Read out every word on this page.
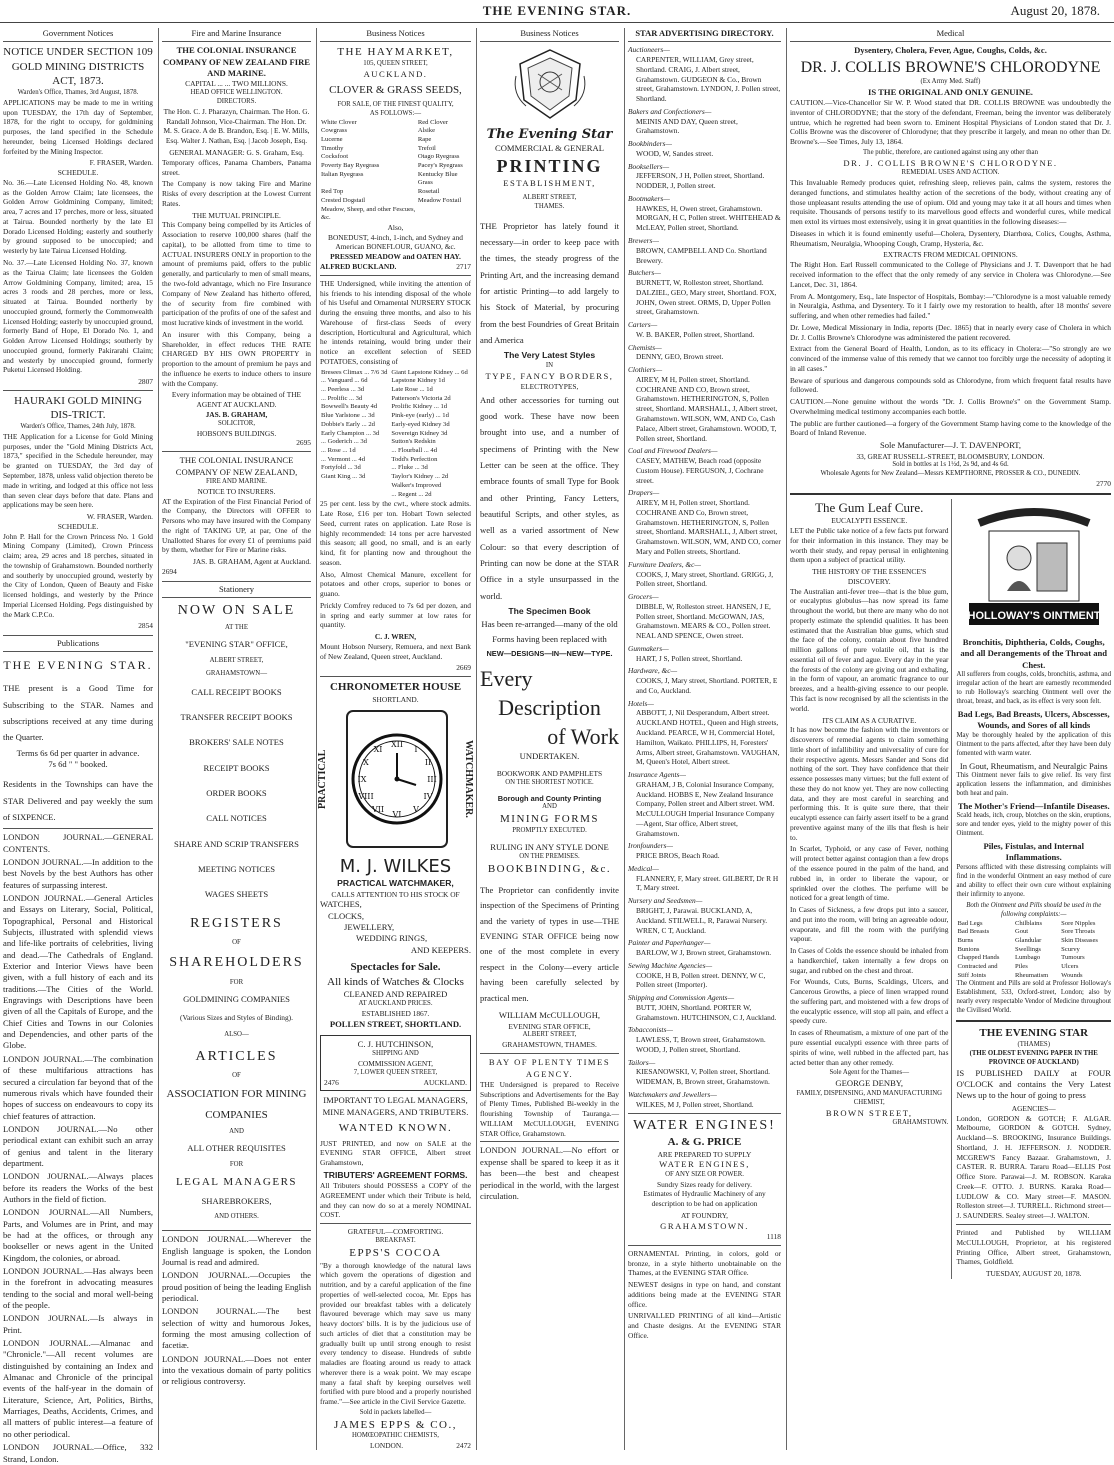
THE EVENING STAR.	August 20, 1878.
Government Notices
NOTICE UNDER SECTION 109 GOLD MINING DISTRICTS ACT, 1873.
Warden's Office, Thames, 3rd August, 1878.

APPLICATIONS may be made to me in writing upon TUESDAY, the 17th day of September, 1878, for the right to occupy, for goldmining purposes, the land specified in the Schedule hereunder, being Licensed Holdings declared forfeited by the Mining Inspector.

F. FRASER, Warden.
SCHEDULE.

No. 36.—Late Licensed Holding No. 48, known as the Golden Arrow Claim; late licensees, the Golden Arrow Goldmining Company, limited; area, 7 acres and 17 perches, more or less, situated at Tairua. Bounded northerly by the late El Dorado Licensed Holding; easterly and southerly by ground supposed to be unoccupied; and westerly by late Tairua Licensed Holding.

No. 37.—Late Licensed Holding No. 37, known as the Tairua Claim; late licensees the Golden Arrow Goldmining Company, limited; area, 15 acres 3 roods and 28 perches, more or less, situated at Tairua. Bounded northerly by unoccupied ground, formerly the Commonwealth Licensed Holding; easterly by unoccupied ground, formerly Band of Hope, El Dorado No. 1, and Golden Arrow Licensed Holdings; southerly by unoccupied ground, formerly Pakirarahi Claim; and westerly by unoccupied ground, formerly Puketui Licensed Holding.

2807
HAURAKI GOLD MINING DIS-TRICT.
Warden's Office, Thames, 24th July, 1878.

THE Application for a License for Gold Mining purposes, under the "Gold Mining Districts Act, 1873," specified in the Schedule hereunder, may be granted on TUESDAY, the 3rd day of September, 1878, unless valid objection thereto be made in writing, and lodged at this office not less than seven clear days before that date. Plans and applications may be seen here.

W. FRASER, Warden.
SCHEDULE.

John P. Hall for the Crown Princess No. 1 Gold Mining Company (Limited), Crown Princess claim; area, 29 acres and 18 perches, situated in the township of Grahamstown. Bounded northerly and southerly by unoccupied ground, westerly by the City of London, Queen of Beauty and Fiske licensed holdings, and westerly by the Prince Imperial Licensed Holding. Pegs distinguished by the Mark C.P.Co.

2854
Publications
THE EVENING STAR.

THE present is a Good Time for Subscribing to the STAR. Names and subscriptions received at any time during the Quarter.

Terms 6s 6d per quarter in advance.
7s 6d " " booked.

Residents in the Townships can have the STAR Delivered and pay weekly the sum of SIXPENCE.

LONDON JOURNAL.—GENERAL CONTENTS.

LONDON JOURNAL.—In addition to the best Novels by the best Authors has other features of surpassing interest.

LONDON JOURNAL.—General Articles and Essays on Literary, Social, Political, Topographical, Personal and Historical Subjects, illustrated with splendid views and life-like portraits of celebrities, living and dead.—The Cathedrals of England. Exterior and Interior Views have been given, with a full history of each and its traditions.—The Cities of the World. Engravings with Descriptions have been given of all the Capitals of Europe, and the Chief Cities and Towns in our Colonies and Dependencies, and other parts of the Globe.

LONDON JOURNAL.—The combination of these multifarious attractions has secured a circulation far beyond that of the numerous rivals which have founded their hopes of success on endeavours to copy its chief features of attraction.

LONDON JOURNAL.—No other periodical extant can exhibit such an array of genius and talent in the literary department.

LONDON JOURNAL.—Always places before its readers the Works of the best Authors in the field of fiction.

LONDON JOURNAL.—All Numbers, Parts, and Volumes are in Print, and may be had at the offices, or through any bookseller or news agent in the United Kingdom, the colonies, or abroad.

LONDON JOURNAL.—Has always been in the forefront in advocating measures tending to the social and moral well-being of the people.

LONDON JOURNAL.—Is always in Print.

LONDON JOURNAL.—Almanac and "Chronicle."—All recent volumes are distinguished by containing an Index and Almanac and Chronicle of the principal events of the half-year in the domain of Literature, Science, Art, Politics, Births, Marriages, Deaths, Accidents, Crimes, and all matters of public interest—a feature of no other periodical.

LONDON JOURNAL.—Office, 332 Strand, London.

Fire and Marine Insurance
THE COLONIAL INSURANCE COMPANY OF NEW ZEALAND FIRE AND MARINE.
CAPITAL ... ... TWO MILLIONS.
HEAD OFFICE WELLINGTON.
DIRECTORS.

The Hon. C. J. Pharazyn, Chairman. The Hon. G. Randall Johnson, Vice-Chairman. The Hon. Dr. M. S. Grace. A de B. Brandon, Esq. | E. W. Mills, Esq. Walter J. Nathan, Esq. | Jacob Joseph, Esq.

GENERAL MANAGER: G. S. Graham, Esq.

Temporary offices, Panama Chambers, Panama street.

The Company is now taking Fire and Marine Risks of every description at the Lowest Current Rates.

THE MUTUAL PRINCIPLE.

This Company being compelled by its Articles of Association to reserve 100,000 shares (half the capital), to be allotted from time to time to ACTUAL INSURERS ONLY in proportion to the amount of premiums paid, offers to the public generally, and particularly to men of small means, the two-fold advantage, which no Fire Insurance Company of New Zealand has hitherto offered, the of security from fire combined with participation of the profits of one of the safest and most lucrative kinds of investment in the world.

An insurer with this Company, being a Shareholder, in effect reduces THE RATE CHARGED BY HIS OWN PROPERTY in proportion to the amount of premium he pays and the influence he exerts to induce others to insure with the Company.

Every information may be obtained of THE AGENT AT AUCKLAND.
JAS. B. GRAHAM,
SOLICITOR,
HOBSON'S BUILDINGS.
2695
THE COLONIAL INSURANCE COMPANY OF NEW ZEALAND,
FIRE AND MARINE.
NOTICE TO INSURERS.

AT the Expiration of the First Financial Period of the Company, the Directors will OFFER to Persons who may have insured with the Company the right of TAKING UP, at par, One of the Unallotted Shares for every £1 of premiums paid by them, whether for Fire or Marine risks.

JAS. B. GRAHAM, Agent at Auckland.
2694
Stationery
NOW ON SALE
AT THE
"EVENING STAR" OFFICE,
ALBERT STREET,
GRAHAMSTOWN—
CALL RECEIPT BOOKS
TRANSFER RECEIPT BOOKS
BROKERS' SALE NOTES
RECEIPT BOOKS
ORDER BOOKS
CALL NOTICES
SHARE AND SCRIP TRANSFERS
MEETING NOTICES
WAGES SHEETS
REGISTERS
OF
SHAREHOLDERS
FOR
GOLDMINING COMPANIES
(Various Sizes and Styles of Binding).
ALSO—
ARTICLES
OF
ASSOCIATION FOR MINING
COMPANIES
AND
ALL OTHER REQUISITES
FOR
LEGAL MANAGERS
SHAREBROKERS,
AND OTHERS.

LONDON JOURNAL.—Wherever the English language is spoken, the London Journal is read and admired.

LONDON JOURNAL.—Occupies the proud position of being the leading English periodical.

LONDON JOURNAL.—The best selection of witty and humorous Jokes, forming the most amusing collection of facetiæ.

LONDON JOURNAL.—Does not enter into the vexatious domain of party politics or religious controversy.

Business Notices
THE HAYMARKET,
105, QUEEN STREET,
AUCKLAND.
CLOVER & GRASS SEEDS,
FOR SALE, OF THE FINEST QUALITY,
AS FOLLOWS:—
White Clover	Red Clover
Cowgrass	Alsike
Lucerne	Rape
Timothy	Trefoil
Cocksfoot	Otago Ryegrass
Poverty Bay Ryegrass	Pacey's Ryegrass
Italian Ryegrass	Kentucky Blue Grass
Red Top	Rosetail
Crested Dogstail	Meadow Foxtail
Meadow, Sheep, and other Fescues, &c.	
Also,
BONEDUST, 4-inch, 1-inch, and Sydney and American BONEFLOUR, GUANO, &c.
PRESSED MEADOW and OATEN HAY.
ALFRED BUCKLAND.	2717

THE Undersigned, while inviting the attention of his friends to his intending disposal of the whole of his Useful and Ornamental NURSERY STOCK during the ensuing three months, and also to his Warehouse of first-class Seeds of every description, Horticultural and Agricultural, which he intends retaining, would bring under their notice an excellent selection of SEED POTATOES, consisting of

Bresees Climax ... 7/6 3d	Giant Lapstone Kidney ... 6d
... Vanguard ... 6d	Lapstone Kidney 1d
... Peerless ... 3d	Late Rose ... 1d
... Prolific ... 3d	Patterson's Victoria 2d
Bowwell's Beauty 4d	Prolific Kidney ... 1d
Blue Yarlstone ... 3d	Pink-eye (early) ... 1d
Dobbie's Early ... 2d	Early-eyed Kidney 3d
Early Champion ... 3d	Sovereign Kidney 3d
... Goderich ... 3d	Sutton's Redskin
... Rose ... 1d	... Flourball ... 4d
... Vermont ... 4d	Todd's Perfection
Fortyfold ... 3d	... Fluke ... 3d
Giant King ... 3d	Taylor's Kidney ... 2d
	Walker's Improved
	... Regent ... 2d

25 per cent. less by the cwt., where stock admits. Late Rose, £16 per ton. Hobart Town selected Seed, current rates on application. Late Rose is highly recommended: 14 tons per acre harvested this season; all good, no small, and is an early kind, fit for planting now and throughout the season.

Also, Almost Chemical Manure, excellent for potatoes and other crops, superior to bones or guano.

Prickly Comfrey reduced to 7s 6d per dozen, and in spring and early summer at low rates for quantity.

C. J. WREN,

Mount Hobson Nursery, Remuera, and next Bank of New Zealand, Queen street, Auckland.

2669
CHRONOMETER HOUSE
SHORTLAND.
PRACTICAL	WATCHMAKER.
XII
I
II
III
IV
V
VI
VII
VIII
IX
X
XI
M. J. WILKES
PRACTICAL WATCHMAKER,
CALLS ATTENTION TO HIS STOCK OF
WATCHES,
CLOCKS,
JEWELLERY,
WEDDING RINGS,
AND KEEPERS.
Spectacles for Sale.
All kinds of Watches & Clocks
CLEANED AND REPAIRED
AT AUCKLAND PRICES.
ESTABLISHED 1867.
POLLEN STREET, SHORTLAND.
C. J. HUTCHINSON,
SHIPPING AND
COMMISSION AGENT,
7, LOWER QUEEN STREET,
2476	AUCKLAND.
IMPORTANT TO LEGAL MANAGERS, MINE MANAGERS, AND TRIBUTERS.
WANTED KNOWN.

JUST PRINTED, and now on SALE at the EVENING STAR OFFICE, Albert street Grahamstown,

TRIBUTERS' AGREEMENT FORMS.

All Tributers should POSSESS a COPY of the AGREEMENT under which their Tribute is held, and they can now do so at a merely NOMINAL COST.

GRATEFUL—COMFORTING.
BREAKFAST.
EPPS'S COCOA

"By a thorough knowledge of the natural laws which govern the operations of digestion and nutrition, and by a careful application of the fine properties of well-selected cocoa, Mr. Epps has provided our breakfast tables with a delicately flavoured beverage which may save us many heavy doctors' bills. It is by the judicious use of such articles of diet that a constitution may be gradually built up until strong enough to resist every tendency to disease. Hundreds of subtle maladies are floating around us ready to attack wherever there is a weak point. We may escape many a fatal shaft by keeping ourselves well fortified with pure blood and a properly nourished frame."—See article in the Civil Service Gazette.

Sold in packets labelled—
JAMES EPPS & CO.,
HOMŒOPATHIC CHEMISTS,
LONDON.	2472
Business Notices
The Evening Star
COMMERCIAL & GENERAL
PRINTING
ESTABLISHMENT,
ALBERT STREET,
THAMES.

THE Proprietor has lately found it necessary—in order to keep pace with the times, the steady progress of the Printing Art, and the increasing demand for artistic Printing—to add largely to his Stock of Material, by procuring from the best Foundries of Great Britain and America

The Very Latest Styles
IN
TYPE, FANCY BORDERS,
ELECTROTYPES,

And other accessories for turning out good work. These have now been brought into use, and a number of specimens of Printing with the New Letter can be seen at the office. They embrace founts of small Type for Book and other Printing, Fancy Letters, beautiful Scripts, and other styles, as well as a varied assortment of New Colour: so that every description of Printing can now be done at the STAR Office in a style unsurpassed in the world.

The Specimen Book

Has been re-arranged—many of the old Forms having been replaced with

NEW—DESIGNS—IN—NEW—TYPE.
Every
Description
of Work
UNDERTAKEN.
BOOKWORK AND PAMPHLETS
ON THE SHORTEST NOTICE.
Borough and County Printing
AND
MINING FORMS
PROMPTLY EXECUTED.
RULING IN ANY STYLE DONE
ON THE PREMISES.
BOOKBINDING, &c.

The Proprietor can confidently invite inspection of the Specimens of Printing and the variety of types in use—THE EVENING STAR OFFICE being now one of the most complete in every respect in the Colony—every article having been carefully selected by practical men.

WILLIAM McCULLOUGH,
EVENING STAR OFFICE,
ALBERT STREET,
GRAHAMSTOWN, THAMES.
BAY OF PLENTY TIMES AGENCY.

THE Undersigned is prepared to Receive Subscriptions and Advertisements for the Bay of Plenty Times, Published Bi-weekly in the flourishing Township of Tauranga.—WILLIAM McCULLOUGH, EVENING STAR Office, Grahamstown.

LONDON JOURNAL.—No effort or expense shall be spared to keep it as it has been—the best and cheapest periodical in the world, with the largest circulation.

STAR ADVERTISING DIRECTORY.
Auctioneers—
CARPENTER, WILLIAM, Grey street, Shortland. CRAIG, J. Albert street, Grahamstown. GUDGEON & Co., Brown street, Grahamstown. LYNDON, J. Pollen street, Shortland.
Bakers and Confectioners—
MEINIS AND DAY, Queen street, Grahamstown.
Bookbinders—
WOOD, W, Sandes street.
Booksellers—
JEFFERSON, J H, Pollen street, Shortland. NODDER, J, Pollen street.
Bootmakers—
HAWKES, H, Owen street, Grahamstown. MORGAN, H C, Pollen street. WHITEHEAD & McLEAY, Pollen street, Shortland.
Brewers—
BROWN, CAMPBELL AND Co. Shortland Brewery.
Butchers—
BURNETT, W, Rolleston street, Shortland. DALZIEL, GEO, Mary street, Shortland. FOX, JOHN, Owen street. ORMS, D, Upper Pollen street, Grahamstown.
Carters—
W. B. BAKER, Pollen street, Shortland.
Chemists—
DENNY, GEO, Brown street.
Clothiers—
AIREY, M H, Pollen street, Shortland. COCHRANE AND CO, Brown street, Grahamstown. HETHERINGTON, S, Pollen street, Shortland. MARSHALL, J, Albert street, Grahamstown. WILSON, WM, AND Co, Cash Palace, Albert street, Grahamstown. WOOD, T, Pollen street, Shortland.
Coal and Firewood Dealers—
CASEY, MATHEW, Beach road (opposite Custom House). FERGUSON, J, Cochrane street.
Drapers—
AIREY, M H, Pollen street, Shortland. COCHRANE AND Co, Brown street, Grahamstown. HETHERINGTON, S, Pollen street, Shortland. MARSHALL, J, Albert street, Grahamstown. WILSON, WM, AND CO, corner Mary and Pollen streets, Shortland.
Furniture Dealers, &c—
COOKS, J, Mary street, Shortland. GRIGG, J, Pollen street, Shortland.
Grocers—
DIBBLE, W, Rolleston street. HANSEN, J E, Pollen street, Shortland. McGOWAN, JAS, Grahamstown. MEARS & CO., Pollen street. NEAL AND SPENCE, Owen street.
Gunmakers—
HART, J S, Pollen street, Shortland.
Hardware, &c—
COOKS, J, Mary street, Shortland. PORTER, E and Co, Auckland.
Hotels—
ABBOTT, J, Nil Desperandum, Albert street. AUCKLAND HOTEL, Queen and High streets, Auckland. PEARCE, W H, Commercial Hotel, Hamilton, Waikato. PHILLIPS, H, Foresters' Arms, Albert street, Grahamstown. VAUGHAN, M, Queen's Hotel, Albert street.
Insurance Agents—
GRAHAM, J B, Colonial Insurance Company, Auckland. HOBBS E, New Zealand Insurance Company, Pollen street and Albert street. WM. McCULLOUGH Imperial Insurance Company—Agent, Star office, Albert street, Grahamstown.
Ironfounders—
PRICE BROS, Beach Road.
Medical—
FLANNERY, F, Mary street. GILBERT, Dr R H T, Mary street.
Nursery and Seedsmen—
BRIGHT, J, Parawai. BUCKLAND, A, Auckland. STILWELL, R, Parawai Nursery. WREN, C T, Auckland.
Painter and Paperhanger—
BARLOW, W J, Brown street, Grahamstown.
Sewing Machine Agencies—
COOKE, H B, Pollen street. DENNY, W C, Pollen street (Importer).
Shipping and Commission Agents—
BUTT, JOHN, Shortland. PORTER W, Grahamstown. HUTCHINSON, C J, Auckland.
Tobacconists—
LAWLESS, T, Brown street, Grahamstown. WOOD, J, Pollen street, Shortland.
Tailors—
KIESANOWSKI, V, Pollen street, Shortland. WIDEMAN, B, Brown street, Grahamstown.
Watchmakers and Jewellers—
WILKES, M J, Pollen street, Shortland.
WATER ENGINES!
A. & G. PRICE
ARE PREPARED TO SUPPLY
WATER ENGINES,
OF ANY SIZE OR POWER.
Sundry Sizes ready for delivery.

Estimates of Hydraulic Machinery of any description to be had on application

AT FOUNDRY,
GRAHAMSTOWN.
1118

ORNAMENTAL Printing, in colors, gold or bronze, in a style hitherto unobtainable on the Thames, at the EVENING STAR Office.

NEWEST designs in type on hand, and constant additions being made at the EVENING STAR office.

UNRIVALLED PRINTING of all kind—Artistic and Chaste designs. At the EVENING STAR Office.

Medical
Dysentery, Cholera, Fever, Ague, Coughs, Colds, &c.
DR. J. COLLIS BROWNE'S CHLORODYNE
(Ex Army Med. Staff)
IS THE ORIGINAL AND ONLY GENUINE.

CAUTION.—Vice-Chancellor Sir W. P. Wood stated that DR. COLLIS BROWNE was undoubtedly the inventor of CHLORODYNE; that the story of the defendant, Freeman, being the inventor was deliberately untrue, which he regretted had been sworn to. Eminent Hospital Physicians of London stated that Dr. J. Collis Browne was the discoverer of Chlorodyne; that they prescribe it largely, and mean no other than Dr. Browne's.—See Times, July 13, 1864.

The public, therefore, are cautioned against using any other than
DR. J. COLLIS BROWNE'S CHLORODYNE.
REMEDIAL USES AND ACTION.

This Invaluable Remedy produces quiet, refreshing sleep, relieves pain, calms the system, restores the deranged functions, and stimulates healthy action of the secretions of the body, without creating any of those unpleasant results attending the use of opium. Old and young may take it at all hours and times when requisite. Thousands of persons testify to its marvellous good effects and wonderful cures, while medical men extol its virtues most extensively, using it in great quantities in the following diseases:—

Diseases in which it is found eminently useful—Cholera, Dysentery, Diarrhœa, Colics, Coughs, Asthma, Rheumatism, Neuralgia, Whooping Cough, Cramp, Hysteria, &c.

EXTRACTS FROM MEDICAL OPINIONS.

The Right Hon. Earl Russell communicated to the College of Physicians and J. T. Davenport that he had received information to the effect that the only remedy of any service in Cholera was Chlorodyne.—See Lancet, Dec. 31, 1864.

From A. Montgomery, Esq., late Inspector of Hospitals, Bombay:—"Chlorodyne is a most valuable remedy in Neuralgia, Asthma, and Dysentery. To it I fairly owe my restoration to health, after 18 months' severe suffering, and when other remedies had failed."

Dr. Lowe, Medical Missionary in India, reports (Dec. 1865) that in nearly every case of Cholera in which Dr. J. Collis Browne's Chlorodyne was administered the patient recovered.

Extract from the General Board of Health, London, as to its efficacy in Cholera:—"So strongly are we convinced of the immense value of this remedy that we cannot too forcibly urge the necessity of adopting it in all cases."

Beware of spurious and dangerous compounds sold as Chlorodyne, from which frequent fatal results have followed.

CAUTION.—None genuine without the words "Dr. J. Collis Browne's" on the Government Stamp. Overwhelming medical testimony accompanies each bottle.

The public are further cautioned—a forgery of the Government Stamp having come to the knowledge of the Board of Inland Revenue.

Sole Manufacturer—J. T. DAVENPORT,
33, GREAT RUSSELL-STREET, BLOOMSBURY, LONDON.
Sold in bottles at 1s 1½d, 2s 9d, and 4s 6d.
Wholesale Agents for New Zealand—Messrs KEMPTHORNE, PROSSER & CO., DUNEDIN.
2770
The Gum Leaf Cure.
EUCALYPTI ESSENCE.

LET the Public take notice of a few facts put forward for their information in this instance. They may be worth their study, and repay perusal in enlightening them upon a subject of practical utility.

THE HISTORY OF THE ESSENCE'S DISCOVERY.

The Australian anti-fever tree—that is the blue gum, or eucalyptus globulus—has now spread its fame throughout the world, but there are many who do not properly estimate the splendid qualities. It has been estimated that the Australian blue gums, which stud the face of the colony, contain about five hundred million gallons of pure volatile oil, that is the essential oil of fever and ague. Every day in the year the forests of the colony are giving out and exhaling, in the form of vapour, an aromatic fragrance to our breezes, and a health-giving essence to our people. This fact is now recognised by all the scientists in the world.

ITS CLAIM AS A CURATIVE.

It has now become the fashion with the inventors or discoverers of remedial agents to claim something little short of infallibility and universality of cure for their respective agents. Messrs Sander and Sons did nothing of the sort. They have confidence that their essence possesses many virtues; but the full extent of these they do not know yet. They are now collecting data, and they are most careful in searching and performing this. It is quite sure there, that their eucalypti essence can fairly assert itself to be a grand preventive against many of the ills that flesh is heir to.

In Scarlet, Typhoid, or any case of Fever, nothing will protect better against contagion than a few drops of the essence poured in the palm of the hand, and rubbed in, in order to liberate the vapour, or sprinkled over the clothes. The perfume will be noticed for a great length of time.

In Cases of Sickness, a few drops put into a saucer, and put into the room, will bring an agreeable odour, evaporate, and fill the room with the purifying vapour.

In Cases of Colds the essence should be inhaled from a handkerchief, taken internally a few drops on sugar, and rubbed on the chest and throat.

For Wounds, Cuts, Burns, Scaldings, Ulcers, and Cancerous Growths, a piece of linen wrapped round the suffering part, and moistened with a few drops of the eucalyptic essence, will stop all pain, and effect a speedy cure.

In cases of Rheumatism, a mixture of one part of the pure essential eucalypti essence with three parts of spirits of wine, well rubbed in the affected part, has acted better than any other remedy.

Sole Agent for the Thames—
GEORGE DENBY,
FAMILY, DISPENSING, AND MANUFACTURING CHEMIST,
BROWN STREET,
GRAHAMSTOWN.
HOLLOWAY'S OINTMENT
Bronchitis, Diphtheria, Colds, Coughs, and all Derangements of the Throat and Chest.

All sufferers from coughs, colds, bronchitis, asthma, and irregular action of the heart are earnestly recommended to rub Holloway's searching Ointment well over the throat, breast, and back, as its effect is very soon felt.

Bad Legs, Bad Breasts, Ulcers, Abscesses, Wounds, and Sores of all kinds

May be thoroughly healed by the application of this Ointment to the parts affected, after they have been duly fomented with warm water.

In Gout, Rheumatism, and Neuralgic Pains

This Ointment never fails to give relief. Its very first application lessens the inflammation, and diminishes both heat and pain.

The Mother's Friend—Infantile Diseases.

Scald heads, itch, croup, blotches on the skin, eruptions, sore and tender eyes, yield to the mighty power of this Ointment.

Piles, Fistulas, and Internal Inflammations.

Persons afflicted with these distressing complaints will find in the wonderful Ointment an easy method of cure and ability to effect their own cure without explaining their infirmity to anyone.

Both the Ointment and Pills should be used in the following complaints:—
Bad Legs	Chilblains	Sore Nipples
Bad Breasts	Gout	Sore Throats
Burns	Glandular	Skin Diseases
Bunions	Swellings	Scurvy
Chapped Hands	Lumbago	Tumours
Contracted and	Piles	Ulcers
Stiff Joints	Rheumatism	Wounds

The Ointment and Pills are sold at Professor Holloway's Establishment, 533, Oxford-street, London; also by nearly every respectable Vendor of Medicine throughout the Civilised World.

THE EVENING STAR
(THAMES)
(THE OLDEST EVENING PAPER IN THE PROVINCE OF AUCKLAND)

IS PUBLISHED DAILY at FOUR O'CLOCK and contains the Very Latest News up to the hour of going to press

AGENCIES—

London, GORDON & GOTCH; F. ALGAR. Melbourne, GORDON & GOTCH. Sydney, Auckland—S. BROOKING, Insurance Buildings. Shortland, J. H. JEFFERSON. J. NODDER. MCGREW'S Fancy Bazaar. Grahamstown, J. CASTER. R. BURRA. Tararu Road—ELLIS Post Office Store. Parawai—J. M. ROBSON. Karaka Creek—F. OTTO. J. BURNS. Karaka Road—LUDLOW & CO. Mary street—F. MASON. Rolleston street—J. TURRELL. Richmond street—J. SAUNDERS. Sealey street—J. WALTON.

Printed and Published by WILLIAM McCULLOUGH, Proprietor, at his registered Printing Office, Albert street, Grahamstown, Thames, Goldfield.

TUESDAY, AUGUST 20, 1878.
